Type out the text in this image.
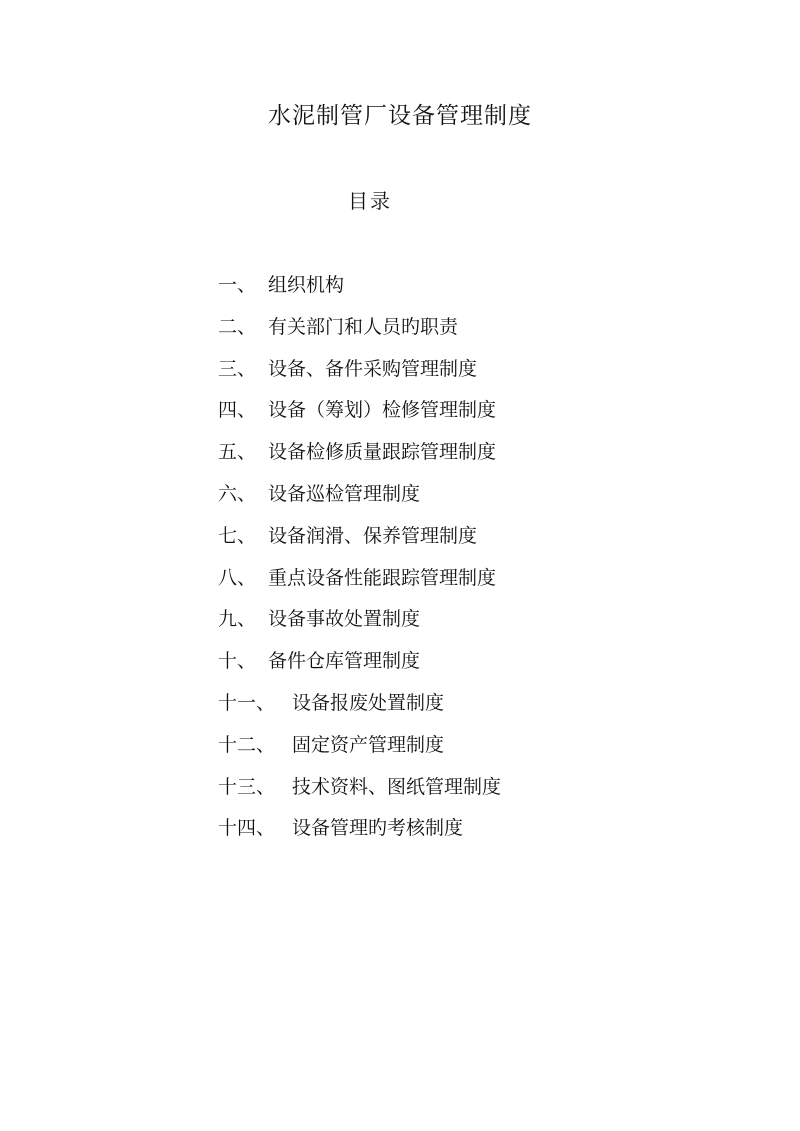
水泥制管厂设备管理制度
目录
一、 组织机构
二、 有关部门和人员旳职责
三、 设备、备件采购管理制度
四、 设备（筹划）检修管理制度
五、 设备检修质量跟踪管理制度
六、 设备巡检管理制度
七、 设备润滑、保养管理制度
八、 重点设备性能跟踪管理制度
九、 设备事故处置制度
十、 备件仓库管理制度
十一、 设备报废处置制度
十二、 固定资产管理制度
十三、 技术资料、图纸管理制度
十四、 设备管理旳考核制度
